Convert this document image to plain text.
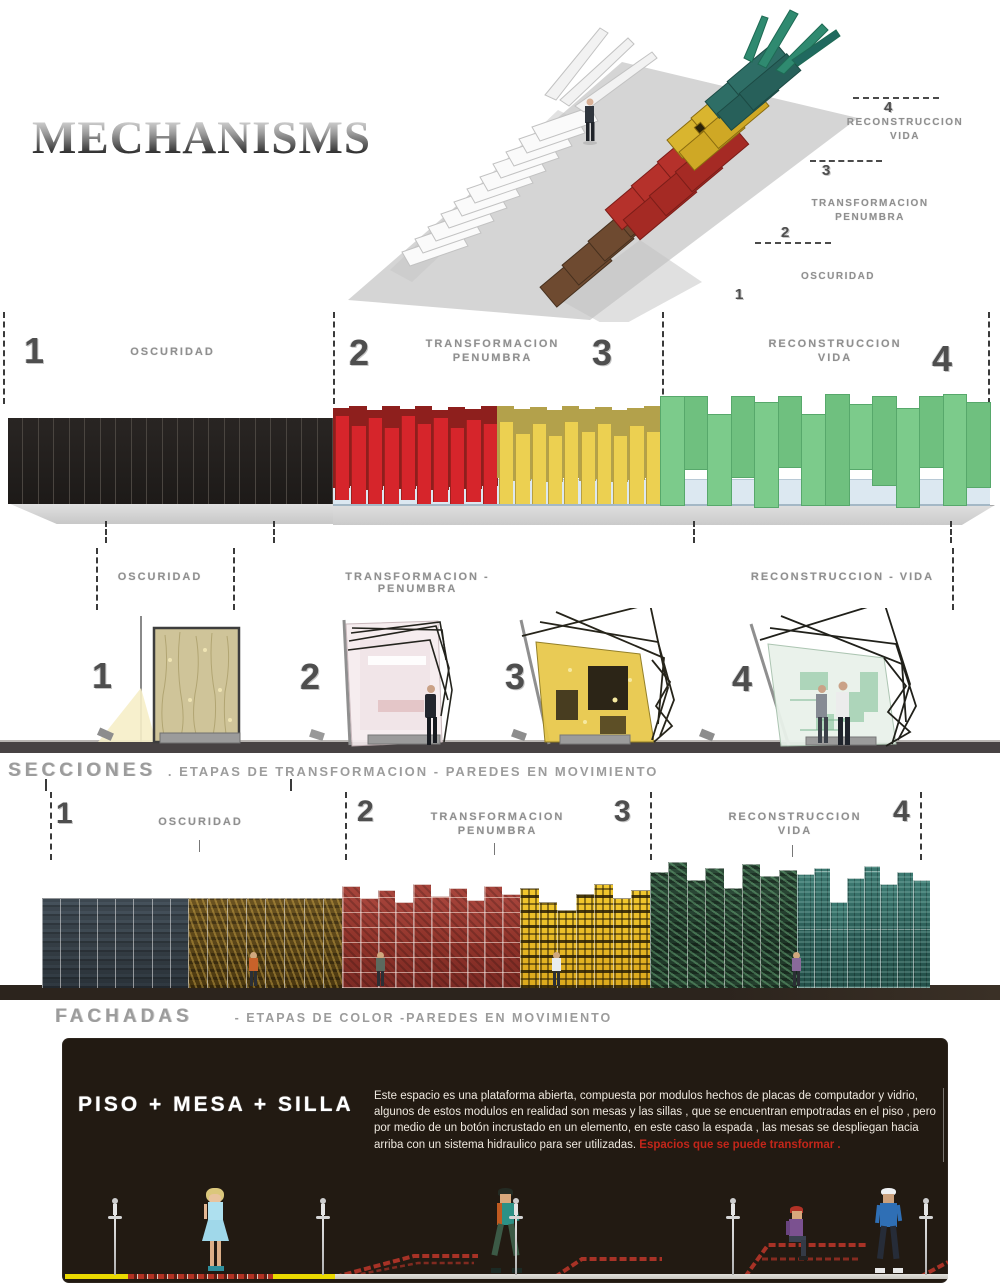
MECHANISMS
4
RECONSTRUCCION
VIDA
3
TRANSFORMACION
PENUMBRA
2
OSCURIDAD
1
1	OSCURIDAD	2	TRANSFORMACION
PENUMBRA	3	RECONSTRUCCION
VIDA	4
OSCURIDAD	TRANSFORMACION - PENUMBRA
RECONSTRUCCION - VIDA
1	2	3	4
SECCIONES . ETAPAS DE TRANSFORMACION - PAREDES EN MOVIMIENTO
1	OSCURIDAD	2	TRANSFORMACION
PENUMBRA
3	RECONSTRUCCION
VIDA
4
FACHADAS	- ETAPAS DE COLOR -PAREDES EN MOVIMIENTO
PISO + MESA + SILLA Este espacio es una plataforma abierta, compuesta por modulos hechos de placas de computador y vidrio, algunos de estos modulos en realidad son mesas y las sillas , que se encuentran empotradas en el piso , pero por medio de un botón incrustado en un elemento, en este caso la espada , las mesas se despliegan hacia arriba con un sistema hidraulico para ser utilizadas. Espacios que se puede transformar .
